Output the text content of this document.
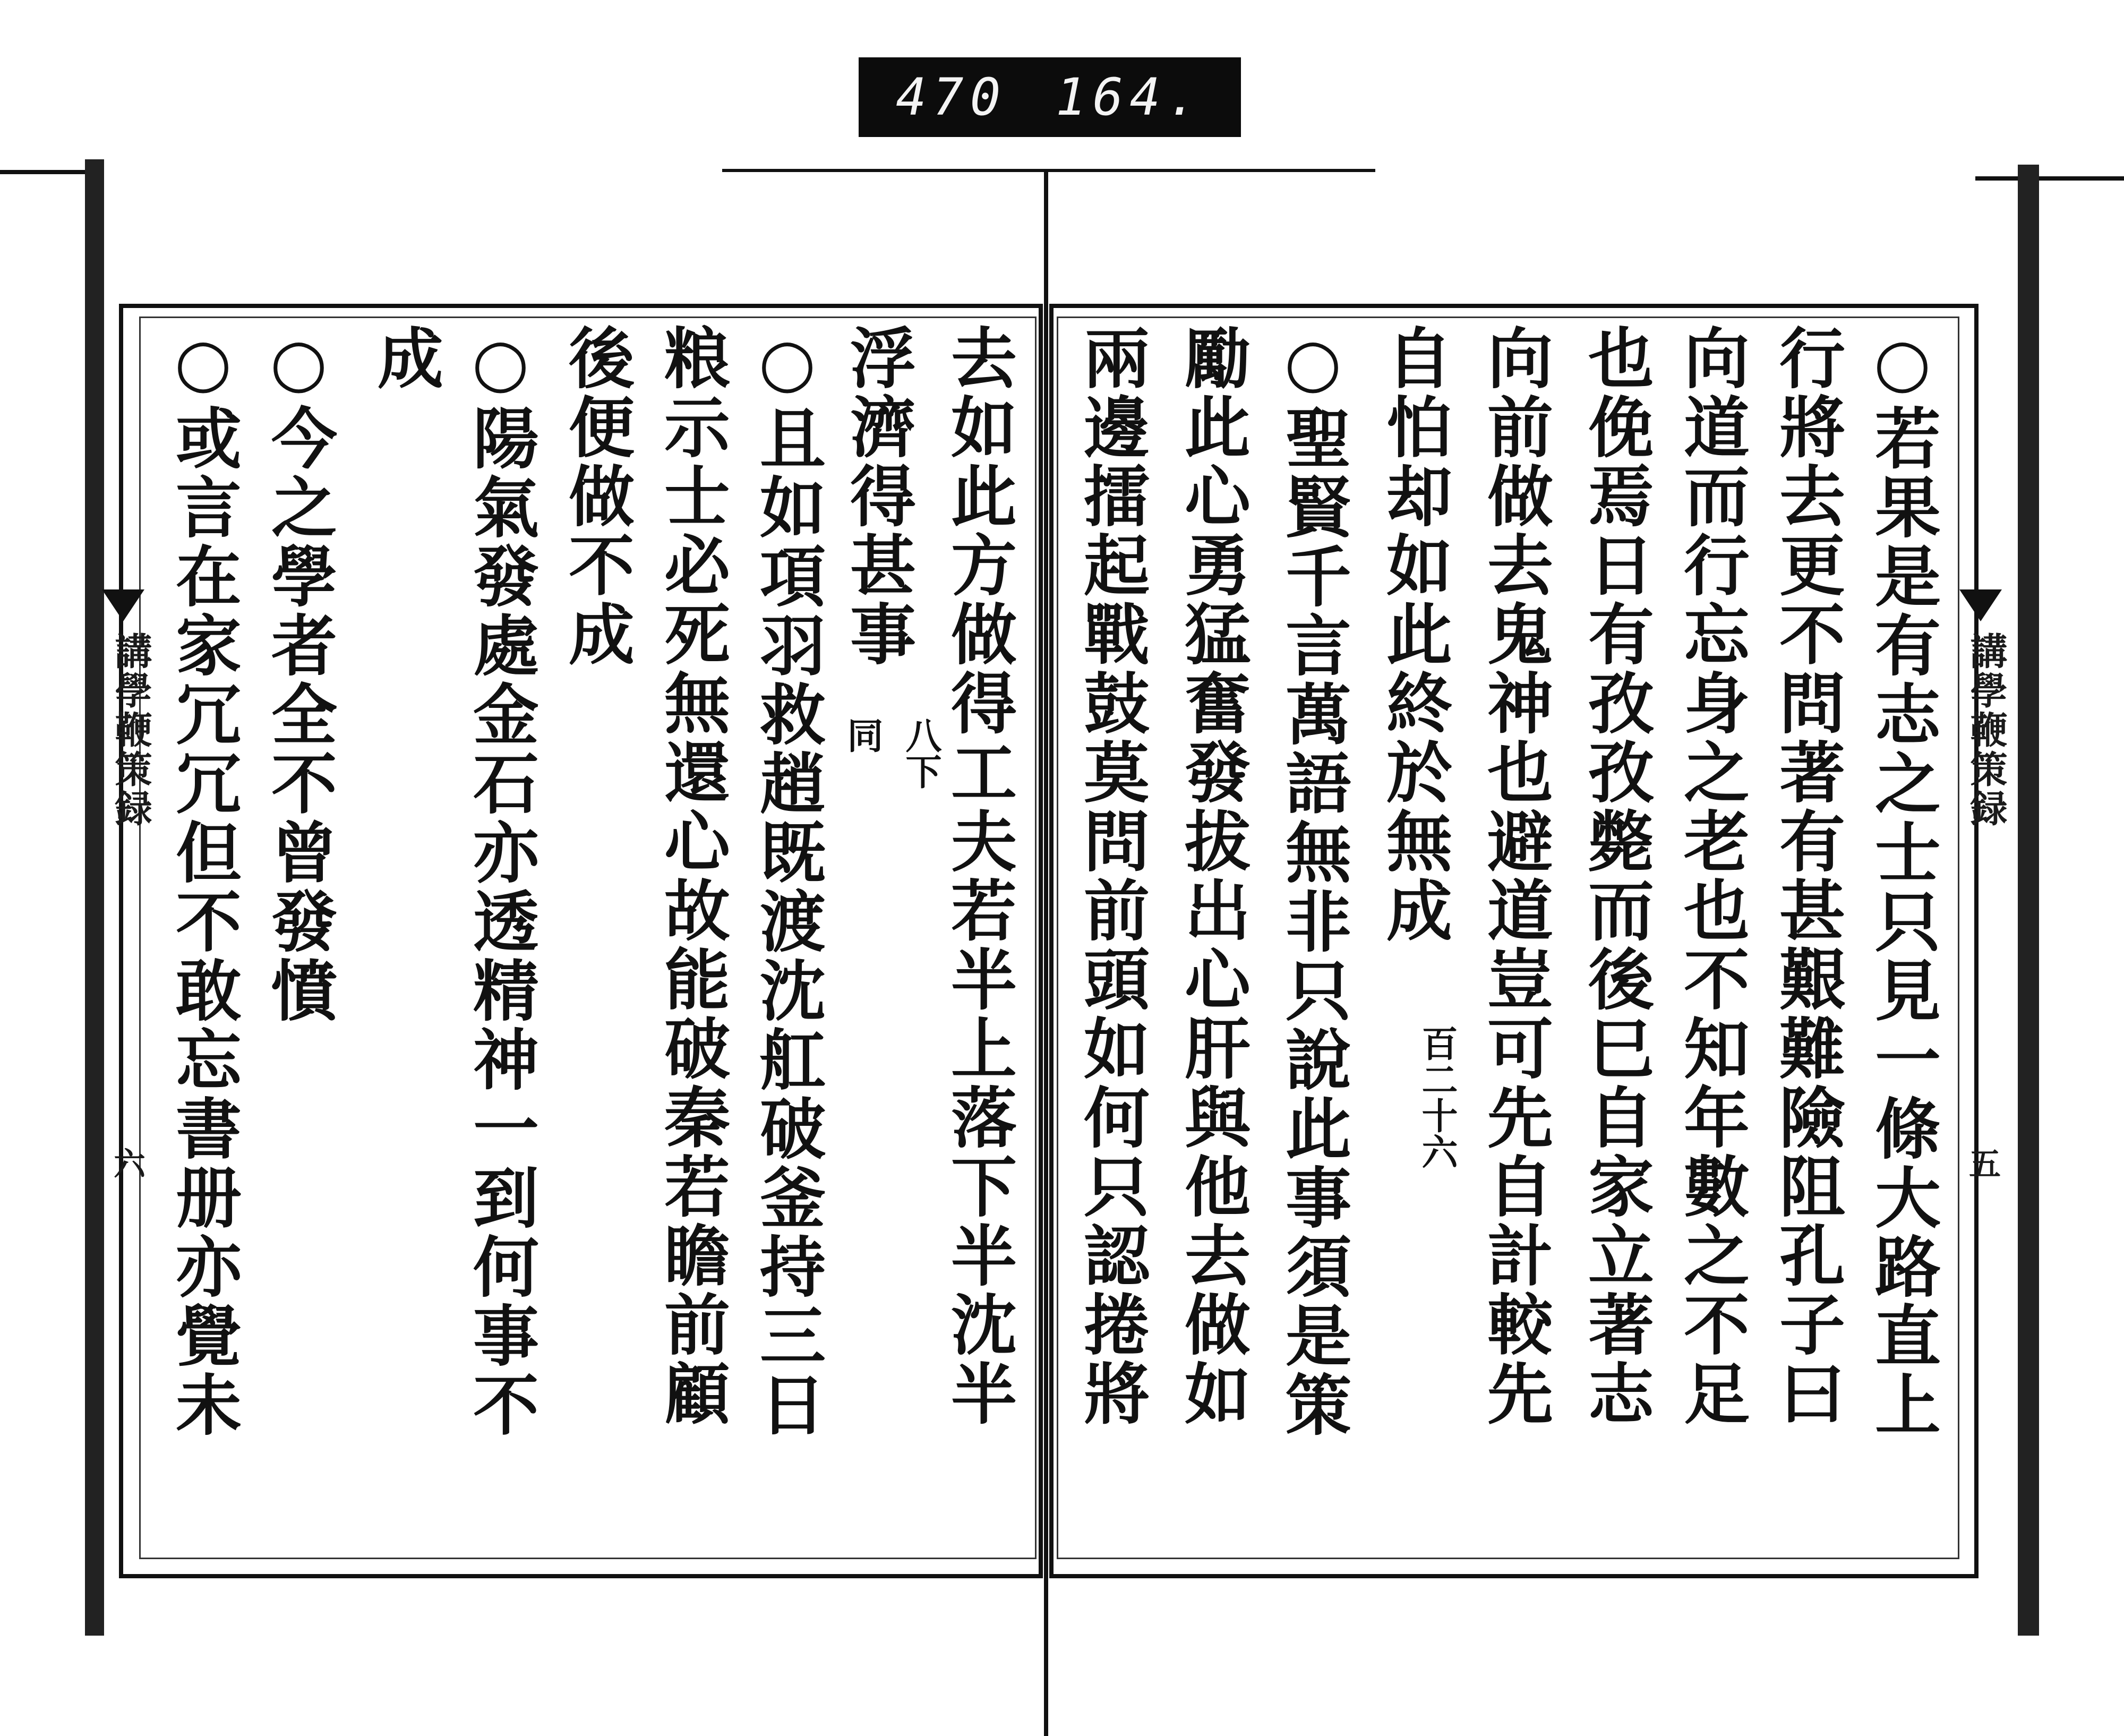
470 164.
講學鞭策録
六
講學鞭策録
五
○若果是有志之士只見一條大路直上
行將去更不問著有甚艱難險阻孔子曰
向道而行忘身之老也不知年數之不足
也俛焉日有孜孜斃而後巳自家立著志
向前做去鬼神也避道豈可先自計較先
自怕却如此終於無成
百二十六
○聖賢千言萬語無非只說此事須是策
勵此心勇猛奮發拔出心肝與他去做如
兩邊擂起戰鼓莫問前頭如何只認捲將
去如此方做得工夫若半上落下半沈半
浮濟得甚事
八下
同
○且如項羽救趙既渡沈舡破釜持三日
粮示士必死無還心故能破秦若瞻前顧
後便做不成
○陽氣發處金石亦透精神一到何事不
成
○今之學者全不曾發憤
○或言在家冗冗但不敢忘書册亦覺未
